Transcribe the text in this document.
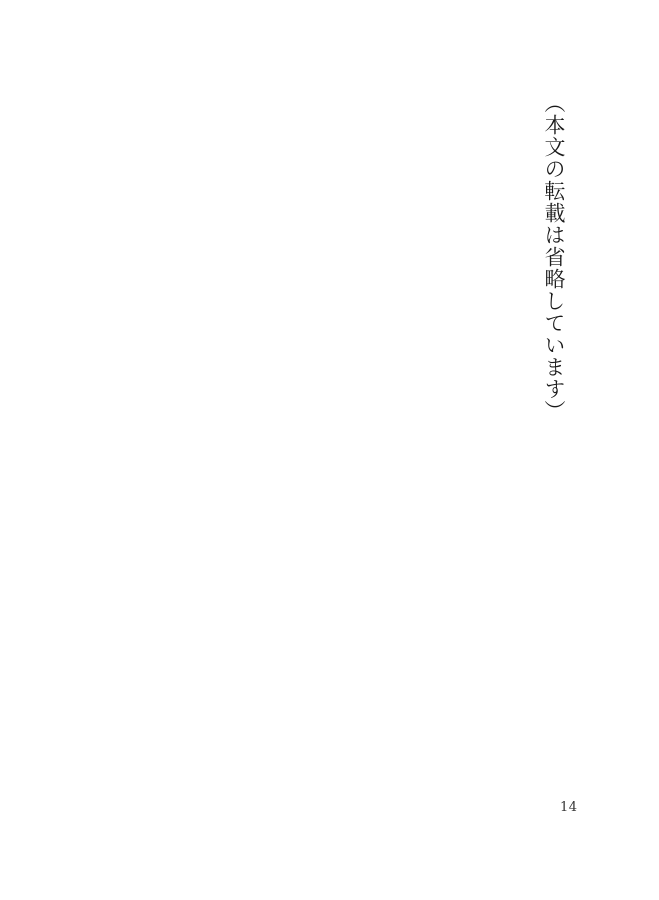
（本文の転載は省略しています）

14
